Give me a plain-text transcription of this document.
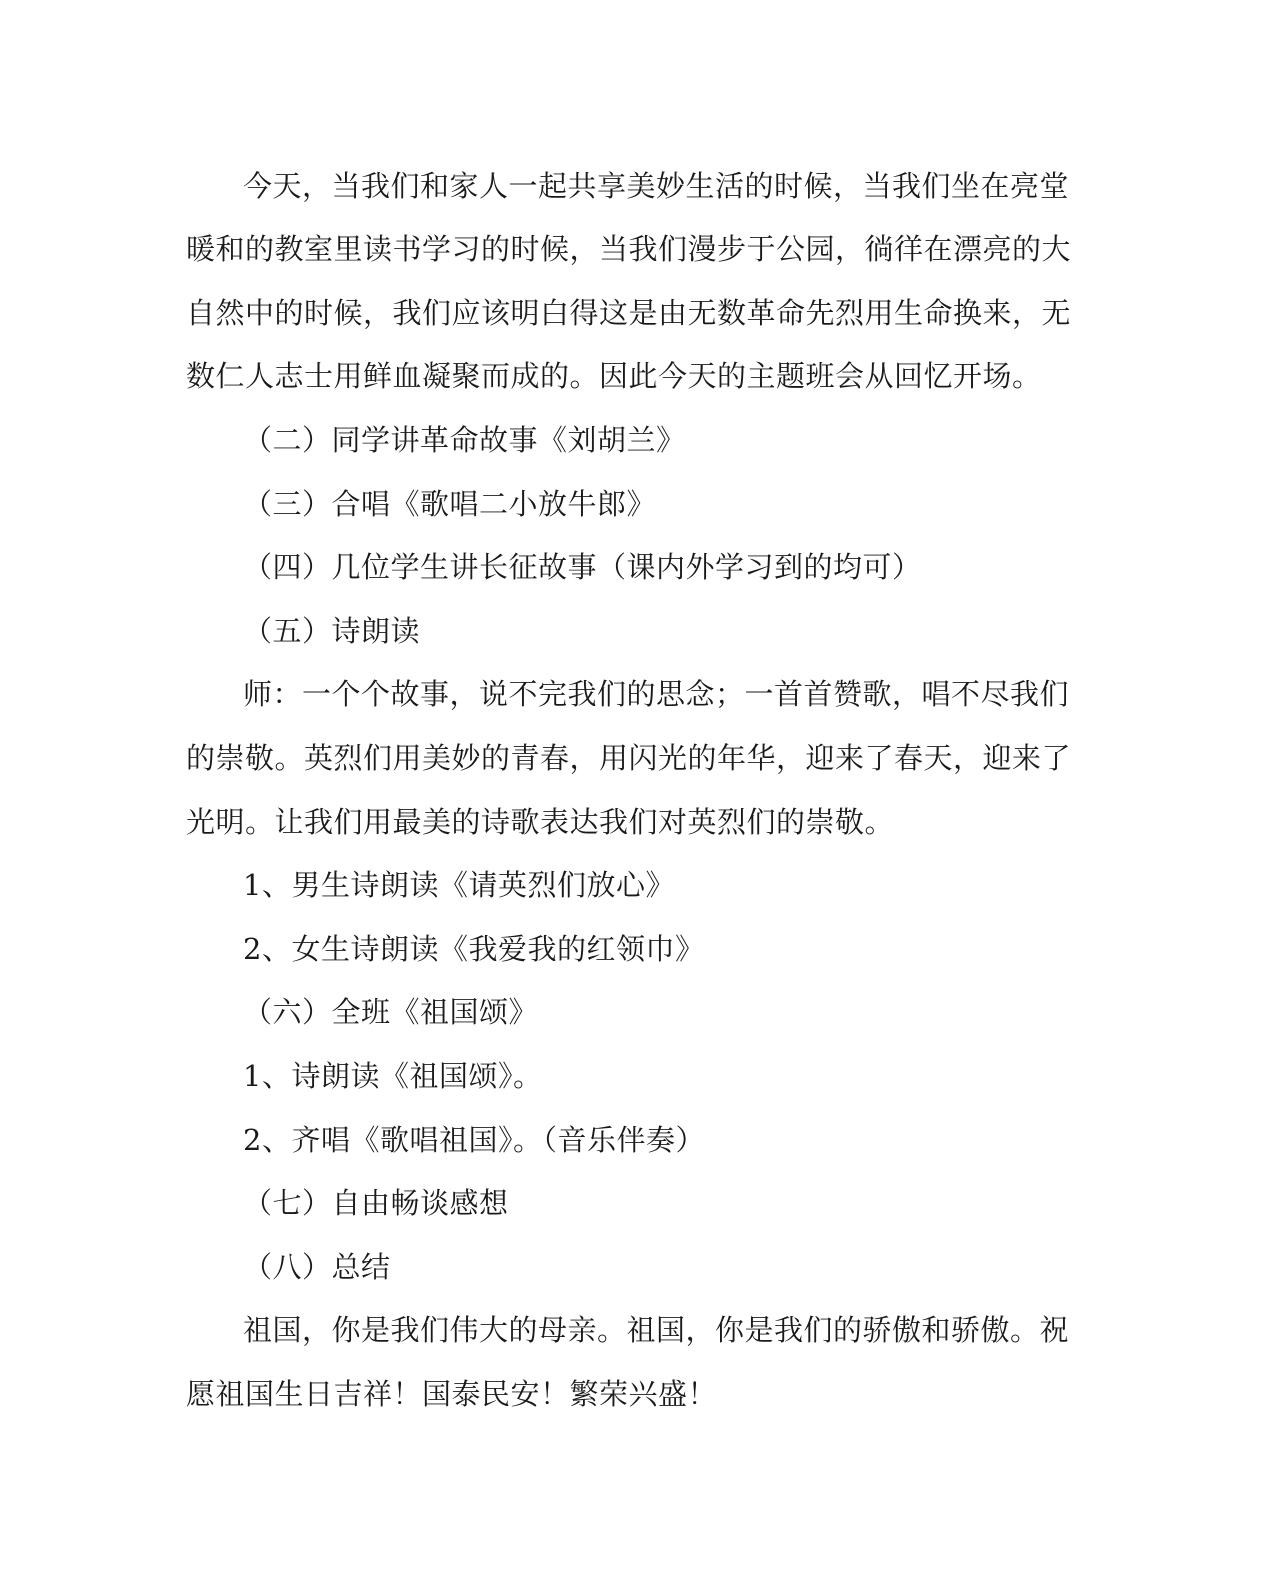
今天，当我们和家人一起共享美妙生活的时候，当我们坐在亮堂
暖和的教室里读书学习的时候，当我们漫步于公园，徜徉在漂亮的大
自然中的时候，我们应该明白得这是由无数革命先烈用生命换来，无
数仁人志士用鲜血凝聚而成的。因此今天的主题班会从回忆开场。
（二）同学讲革命故事《刘胡兰》
（三）合唱《歌唱二小放牛郎》
（四）几位学生讲长征故事（课内外学习到的均可）
（五）诗朗读
师：一个个故事，说不完我们的思念；一首首赞歌，唱不尽我们
的崇敬。英烈们用美妙的青春，用闪光的年华，迎来了春天，迎来了
光明。让我们用最美的诗歌表达我们对英烈们的崇敬。
1、男生诗朗读《请英烈们放心》
2、女生诗朗读《我爱我的红领巾》
（六）全班《祖国颂》
1、诗朗读《祖国颂》。
2、齐唱《歌唱祖国》。（音乐伴奏）
（七）自由畅谈感想
（八）总结
祖国，你是我们伟大的母亲。祖国，你是我们的骄傲和骄傲。祝
愿祖国生日吉祥！国泰民安！繁荣兴盛！
